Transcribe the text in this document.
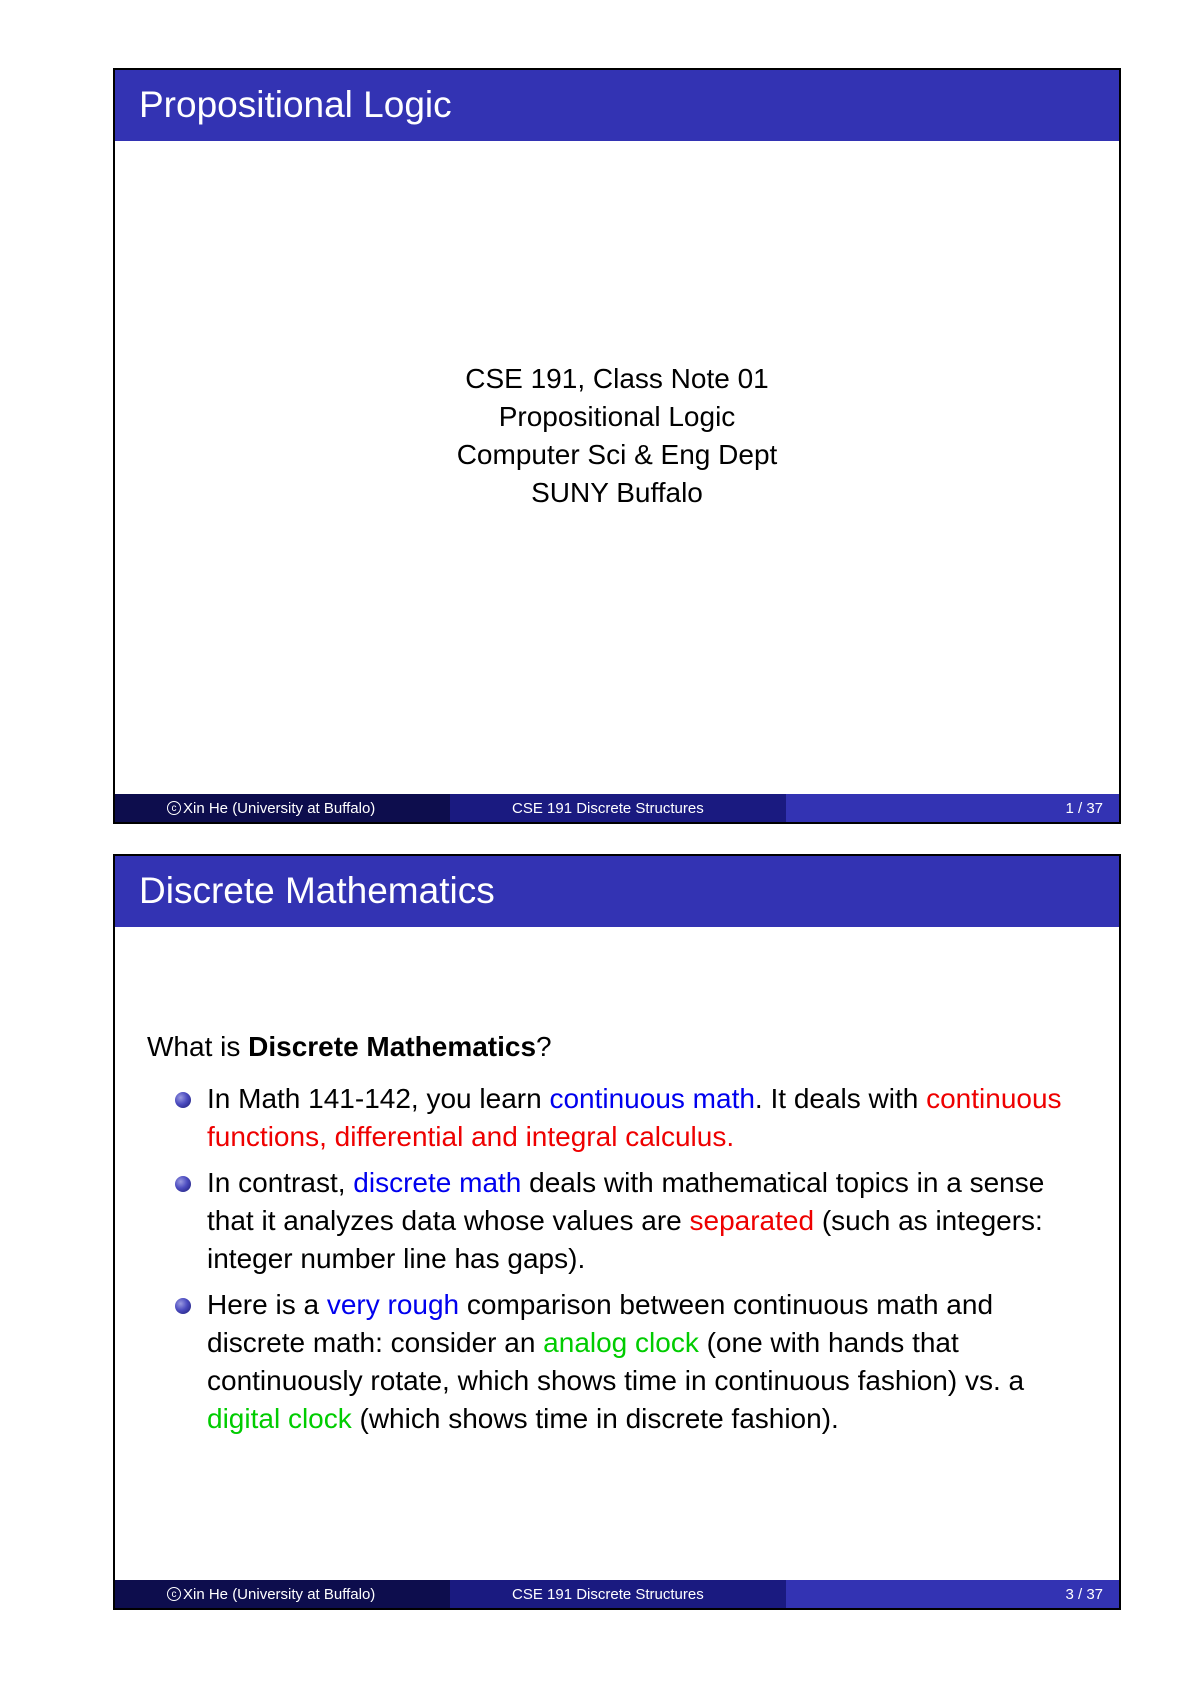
Propositional Logic
CSE 191, Class Note 01
Propositional Logic
Computer Sci & Eng Dept
SUNY Buffalo
c Xin He (University at Buffalo)	CSE 191 Discrete Structures	1 / 37
Discrete Mathematics
What is Discrete Mathematics?
In Math 141-142, you learn continuous math. It deals with continuous functions, differential and integral calculus.
In contrast, discrete math deals with mathematical topics in a sense that it analyzes data whose values are separated (such as integers: integer number line has gaps).
Here is a very rough comparison between continuous math and discrete math: consider an analog clock (one with hands that continuously rotate, which shows time in continuous fashion) vs. a digital clock (which shows time in discrete fashion).
c Xin He (University at Buffalo)	CSE 191 Discrete Structures	3 / 37
